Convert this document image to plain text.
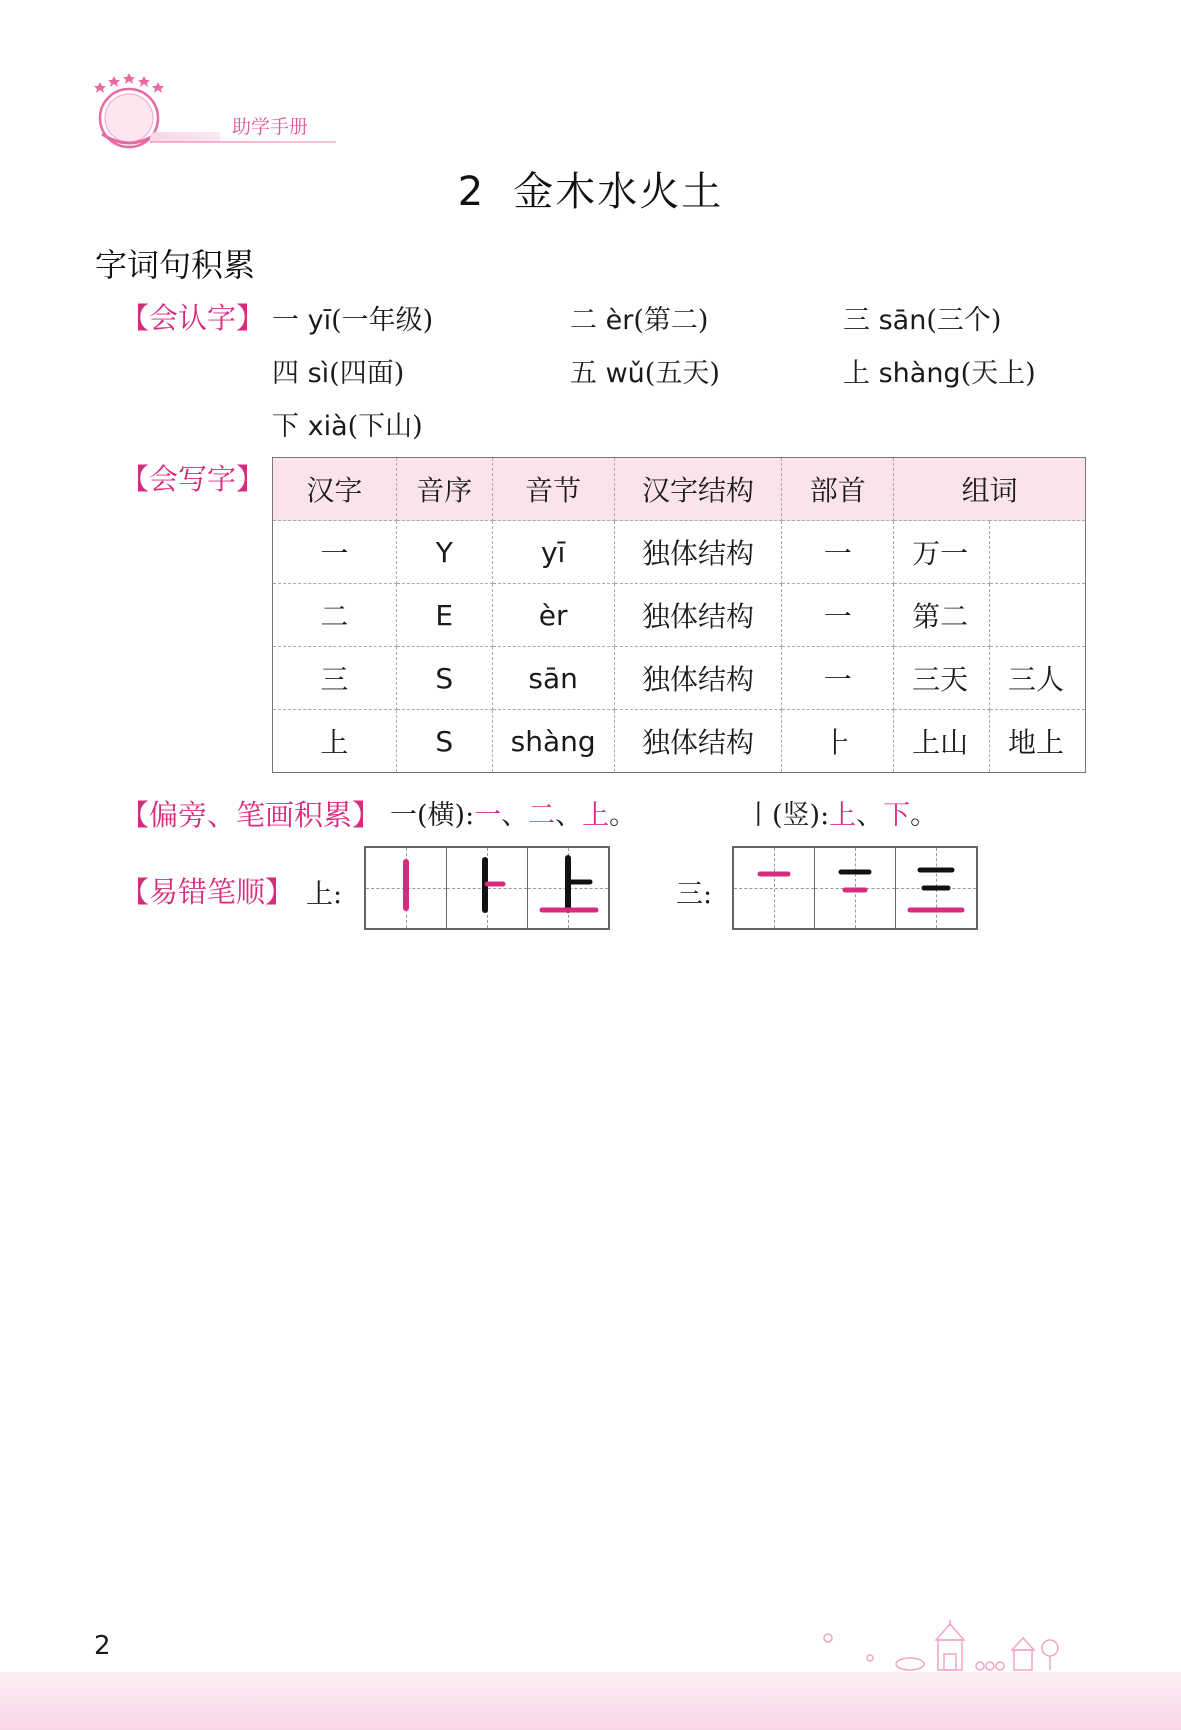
助学手册
2 金木水火土
字词句积累
【会认字】 一 yī(一年级)	二 èr(第二)	三 sān(三个)
四 sì(四面)	五 wǔ(五天)	上 shàng(天上)
下 xià(下山)
【会写字】 汉字	音序	音节	汉字结构	部首	组词	
一	Y	yī	独体结构	一	万一	
二	E	èr	独体结构	一	第二	
三	S	sān	独体结构	一	三天	三人
上	S	shàng	独体结构	⺊	上山	地上
【偏旁、笔画积累】 一(横):一、二、上。	丨(竖):上、下。
【易错笔顺】 上:	三:
2
